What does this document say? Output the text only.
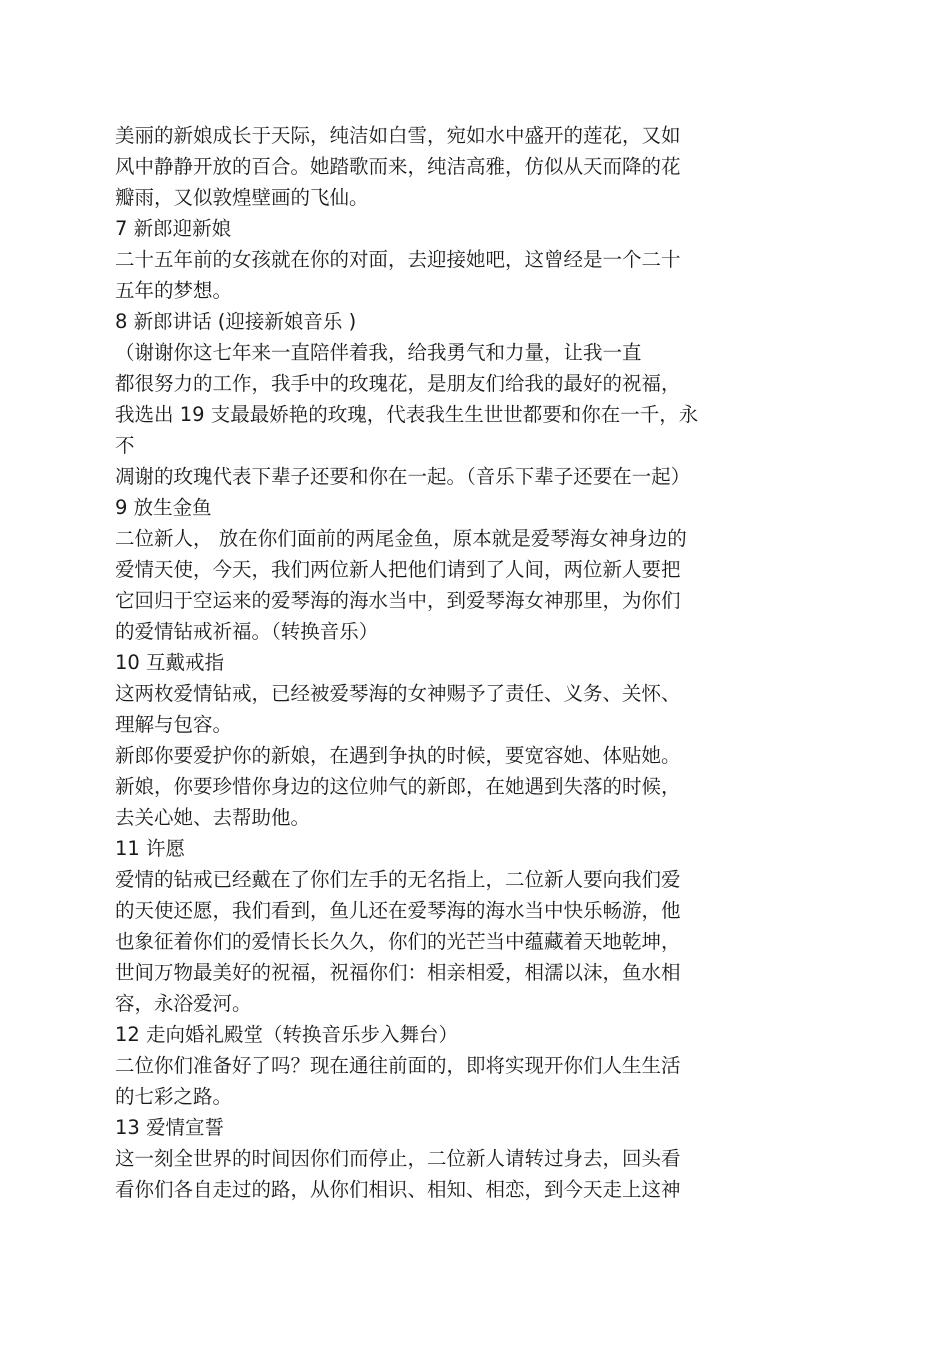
美丽的新娘成长于天际，纯洁如白雪，宛如水中盛开的莲花，又如
风中静静开放的百合。她踏歌而来，纯洁高雅，仿似从天而降的花
瓣雨，又似敦煌壁画的飞仙。
7 新郎迎新娘
二十五年前的女孩就在你的对面，去迎接她吧，这曾经是一个二十
五年的梦想。
8 新郎讲话 (迎接新娘音乐 )
（谢谢你这七年来一直陪伴着我，给我勇气和力量，让我一直
都很努力的工作，我手中的玫瑰花，是朋友们给我的最好的祝福，
我选出 19 支最最娇艳的玫瑰，代表我生生世世都要和你在一千，永
不
凋谢的玫瑰代表下辈子还要和你在一起。（音乐下辈子还要在一起）
9 放生金鱼
二位新人， 放在你们面前的两尾金鱼，原本就是爱琴海女神身边的
爱情天使，今天，我们两位新人把他们请到了人间，两位新人要把
它回归于空运来的爱琴海的海水当中，到爱琴海女神那里，为你们
的爱情钻戒祈福。（转换音乐）
10 互戴戒指
这两枚爱情钻戒，已经被爱琴海的女神赐予了责任、义务、关怀、
理解与包容。
新郎你要爱护你的新娘，在遇到争执的时候，要宽容她、体贴她。
新娘，你要珍惜你身边的这位帅气的新郎，在她遇到失落的时候，
去关心她、去帮助他。
11 许愿
爱情的钻戒已经戴在了你们左手的无名指上，二位新人要向我们爱
的天使还愿，我们看到，鱼儿还在爱琴海的海水当中快乐畅游，他
也象征着你们的爱情长长久久，你们的光芒当中蕴藏着天地乾坤，
世间万物最美好的祝福，祝福你们：相亲相爱，相濡以沫，鱼水相
容，永浴爱河。
12 走向婚礼殿堂（转换音乐步入舞台）
二位你们准备好了吗？现在通往前面的，即将实现开你们人生生活
的七彩之路。
13 爱情宣誓
这一刻全世界的时间因你们而停止，二位新人请转过身去，回头看
看你们各自走过的路，从你们相识、相知、相恋，到今天走上这神
